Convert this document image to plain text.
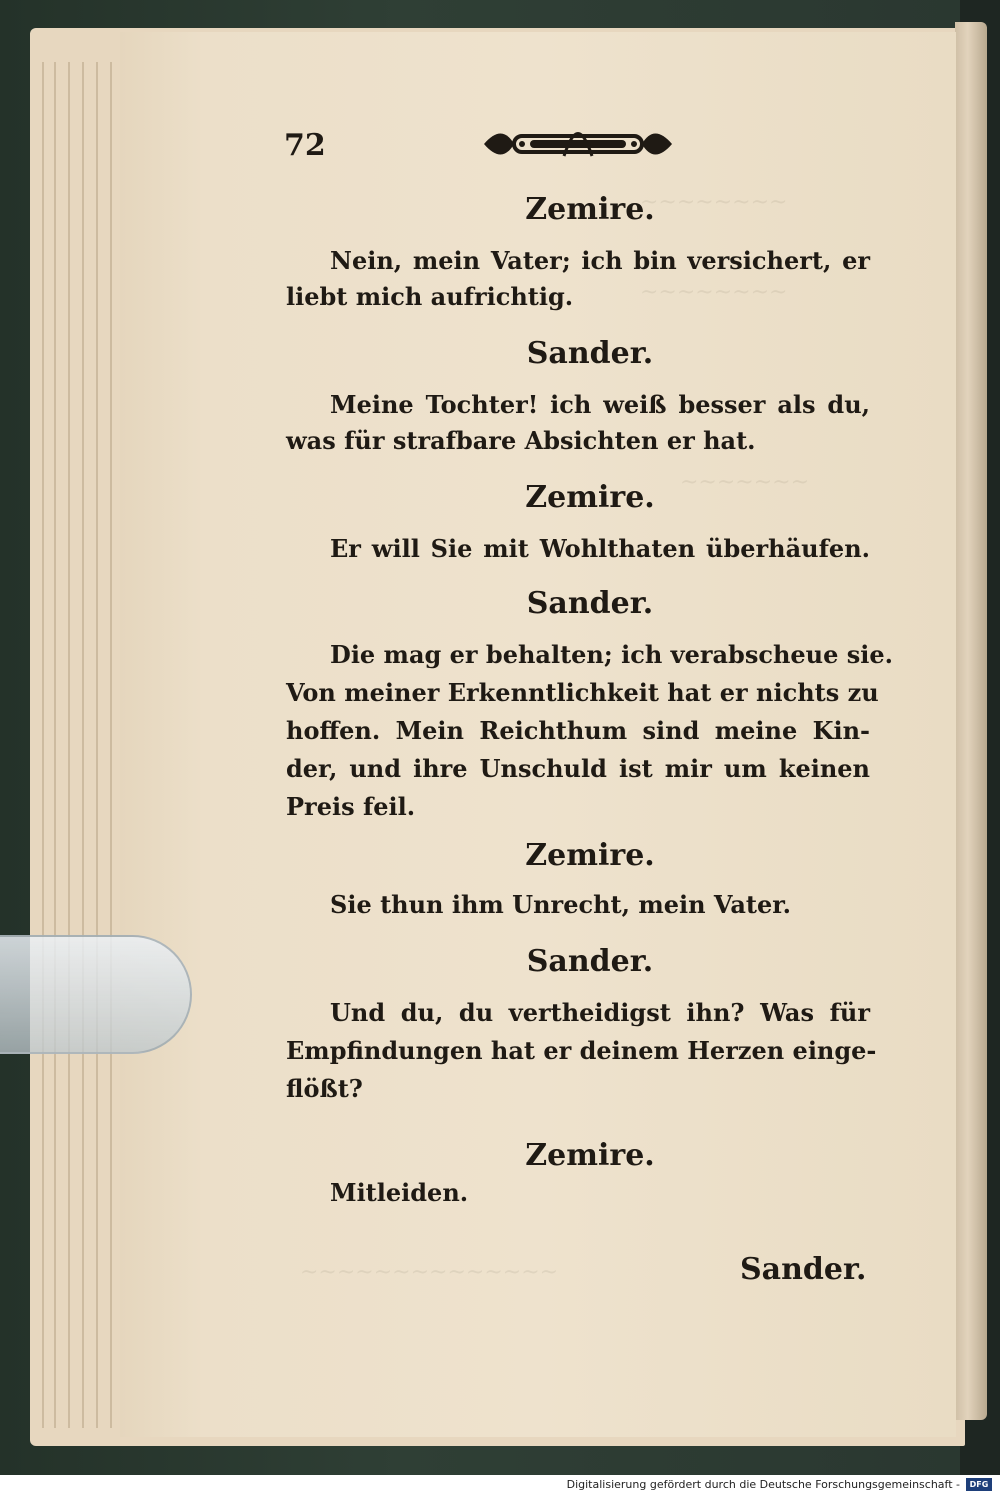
~~~~~~~~
~~~~~~~~
~~~~~~~
~~~~~~~~~~~~~~
72
Zemire.
Nein, mein Vater; ich bin versichert, er
liebt mich aufrichtig.
Sander.
Meine Tochter! ich weiß besser als du,
was für strafbare Absichten er hat.
Zemire.
Er will Sie mit Wohlthaten überhäufen.
Sander.
Die mag er behalten; ich verabscheue sie.
Von meiner Erkenntlichkeit hat er nichts zu
hoffen. Mein Reichthum sind meine Kin-
der, und ihre Unschuld ist mir um keinen
Preis feil.
Zemire.
Sie thun ihm Unrecht, mein Vater.
Sander.
Und du, du vertheidigst ihn? Was für
Empfindungen hat er deinem Herzen einge-
flößt?
Zemire.
Mitleiden.
Sander.
Digitalisierung gefördert durch die Deutsche Forschungsgemeinschaft -	DFG
